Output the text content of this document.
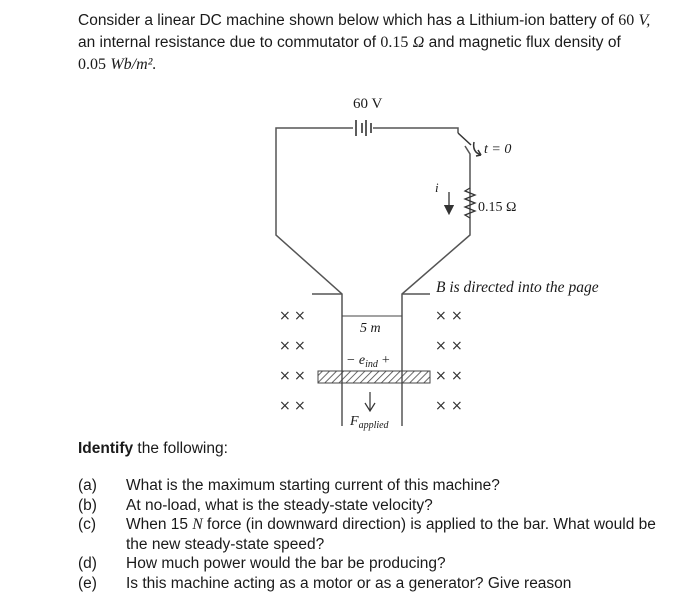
Consider a linear DC machine shown below which has a Lithium-ion battery of 60 V,
an internal resistance due to commutator of 0.15 Ω and magnetic flux density of
0.05 Wb/m².
60 V
t = 0
i
0.15 Ω
B is directed into the page
5 m
− $e_{ind}$ +
$F_{applied}$
× ×
× ×
× ×
× ×
× ×
× ×
× ×
× ×
Identify the following:
(a)	What is the maximum starting current of this machine?
(b)	At no-load, what is the steady-state velocity?
(c)	When 15 N force (in downward direction) is applied to the bar. What would be the new steady-state speed?
(d)	How much power would the bar be producing?
(e)	Is this machine acting as a motor or as a generator? Give reason
